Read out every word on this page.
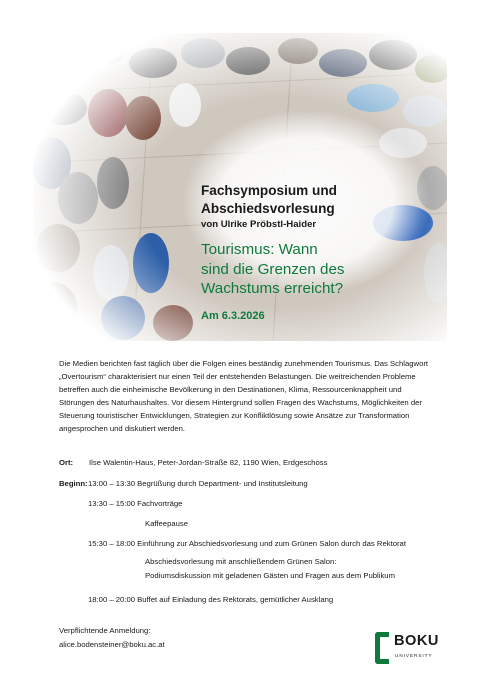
Fachsymposium und
Abschiedsvorlesung
von Ulrike Pröbstl-Haider
Tourismus: Wann
sind die Grenzen des
Wachstums erreicht?
Am 6.3.2026
Die Medien berichten fast täglich über die Folgen eines beständig zunehmenden Tourismus. Das Schlagwort „Overtourism“ charakterisiert nur einen Teil der entstehenden Belastungen. Die weitreichenden Probleme betreffen auch die einheimische Bevölkerung in den Destinationen, Klima, Ressourcenknappheit und Störungen des Naturhaushaltes. Vor diesem Hintergrund sollen Fragen des Wachstums, Möglichkeiten der Steuerung touristischer Entwicklungen, Strategien zur Konfliktlösung sowie Ansätze zur Transformation angesprochen und diskutiert werden.
Ort: Ilse Walentin-Haus, Peter-Jordan-Straße 82, 1190 Wien, Erdgeschoss
Beginn: 13:00 – 13:30 Begrüßung durch Department- und Institutsleitung
13:30 – 15:00 Fachvorträge
Kaffeepause
15:30 – 18:00 Einführung zur Abschiedsvorlesung und zum Grünen Salon durch das Rektorat
Abschiedsvorlesung mit anschließendem Grünen Salon:
Podiumsdiskussion mit geladenen Gästen und Fragen aus dem Publikum
18:00 – 20:00 Buffet auf Einladung des Rektorats, gemütlicher Ausklang
Verpflichtende Anmeldung:
alice.bodensteiner@boku.ac.at	BOKU
UNIVERSITY
